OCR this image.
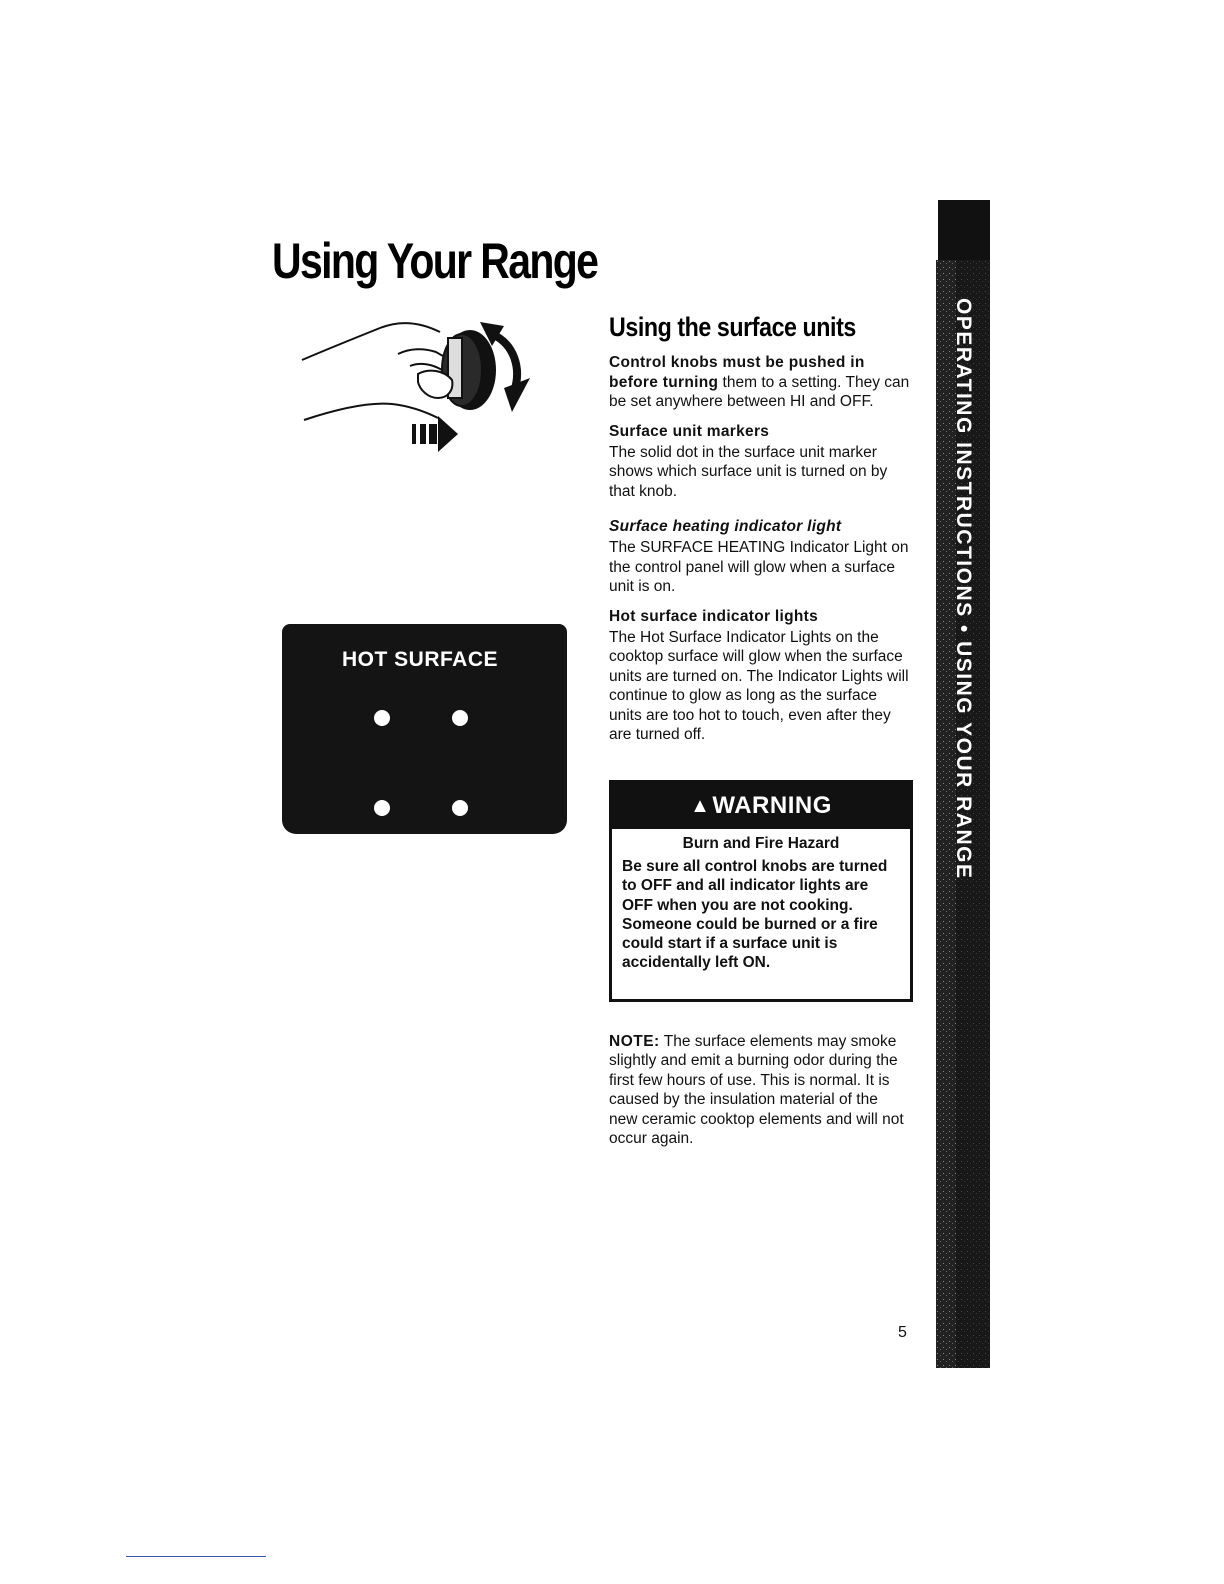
Using Your Range
HOT SURFACE
Using the surface units

Control knobs must be pushed in before turning them to a setting. They can be set anywhere between HI and OFF.

Surface unit markers

The solid dot in the surface unit marker shows which surface unit is turned on by that knob.

Surface heating indicator light

The SURFACE HEATING Indicator Light on the control panel will glow when a surface unit is on.

Hot surface indicator lights

The Hot Surface Indicator Lights on the cooktop surface will glow when the surface units are turned on. The Indicator Lights will continue to glow as long as the surface units are too hot to touch, even after they are turned off.

▲ WARNING
Burn and Fire Hazard

Be sure all control knobs are turned to OFF and all indicator lights are OFF when you are not cooking. Someone could be burned or a fire could start if a surface unit is accidentally left ON.

NOTE: The surface elements may smoke slightly and emit a burning odor during the first few hours of use. This is normal. It is caused by the insulation material of the new ceramic cooktop elements and will not occur again.

OPERATING INSTRUCTIONS • USING YOUR RANGE
5
